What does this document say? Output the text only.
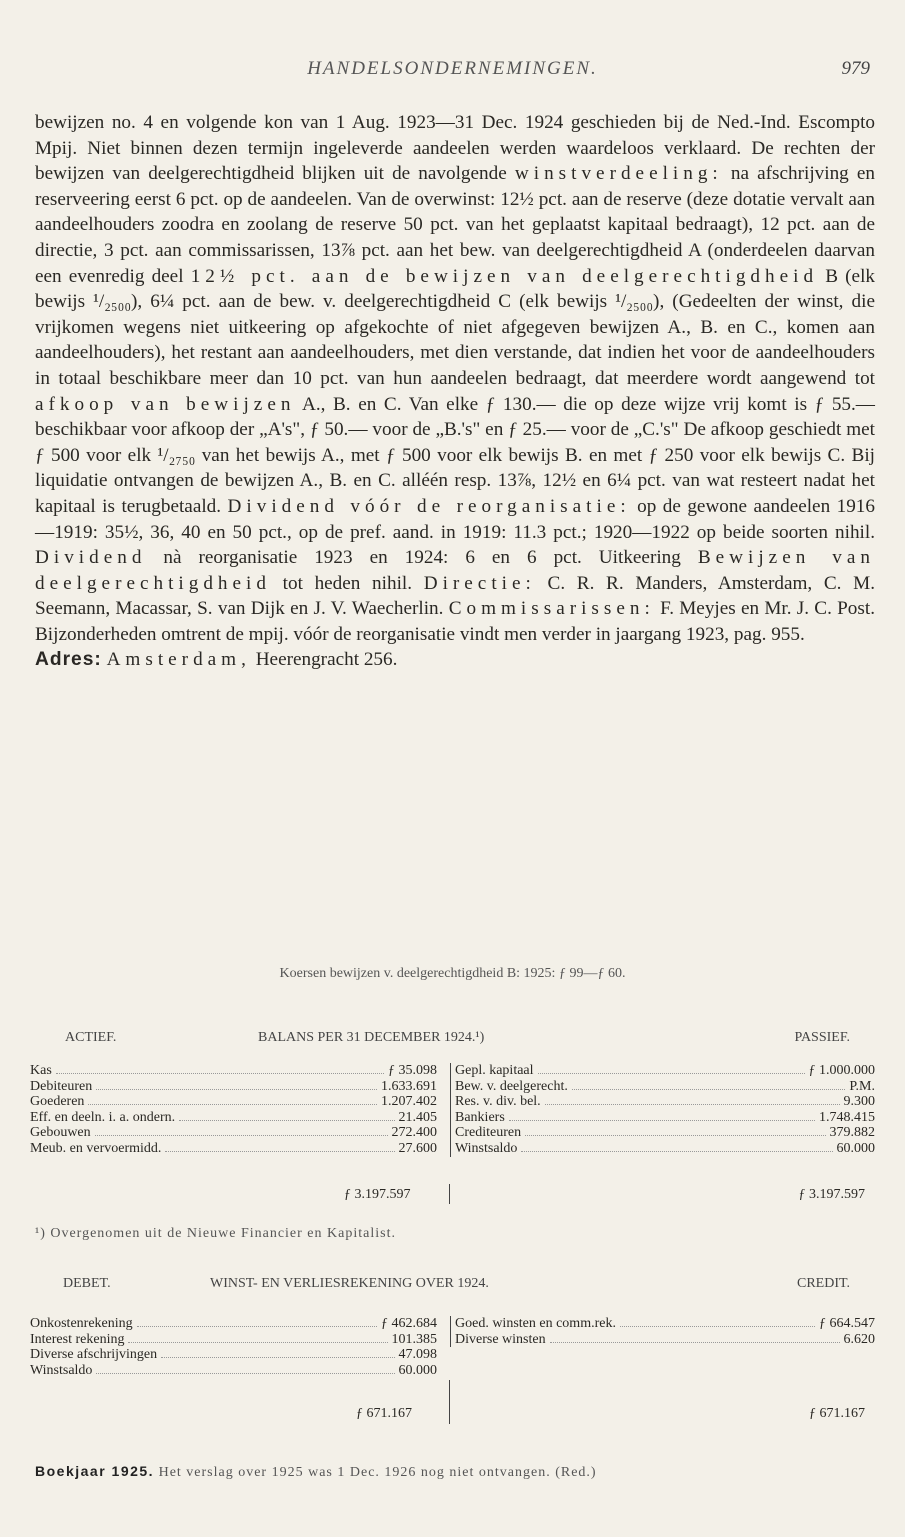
HANDELSONDERNEMINGEN.	979

bewijzen no. 4 en volgende kon van 1 Aug. 1923—31 Dec. 1924 geschieden bij de Ned.-Ind. Escompto Mpij. Niet binnen dezen termijn ingeleverde aandeelen werden waardeloos verklaard. De rechten der bewijzen van deelgerechtigdheid blijken uit de navolgende winstverdeeling: na afschrijving en reserveering eerst 6 pct. op de aandeelen. Van de overwinst: 12½ pct. aan de reserve (deze dotatie vervalt aan aandeelhouders zoodra en zoolang de reserve 50 pct. van het geplaatst kapitaal bedraagt), 12 pct. aan de directie, 3 pct. aan commissarissen, 13⅞ pct. aan het bew. van deelgerechtigdheid A (onderdeelen daarvan een evenredig deel 12½ pct. aan de bewijzen van deelgerechtigdheid B (elk bewijs ¹/₂₅₀₀), 6¼ pct. aan de bew. v. deelgerechtigdheid C (elk bewijs ¹/₂₅₀₀), (Gedeelten der winst, die vrijkomen wegens niet uitkeering op afgekochte of niet afgegeven bewijzen A., B. en C., komen aan aandeelhouders), het restant aan aandeelhouders, met dien verstande, dat indien het voor de aandeelhouders in totaal beschikbare meer dan 10 pct. van hun aandeelen bedraagt, dat meerdere wordt aangewend tot afkoop van bewijzen A., B. en C. Van elke ƒ 130.— die op deze wijze vrij komt is ƒ 55.— beschikbaar voor afkoop der „A's", ƒ 50.— voor de „B.'s" en ƒ 25.— voor de „C.'s" De afkoop geschiedt met ƒ 500 voor elk ¹/₂₇₅₀ van het bewijs A., met ƒ 500 voor elk bewijs B. en met ƒ 250 voor elk bewijs C. Bij liquidatie ontvangen de bewijzen A., B. en C. alléén resp. 13⅞, 12½ en 6¼ pct. van wat resteert nadat het kapitaal is terugbetaald. Dividend vóór de reorganisatie: op de gewone aandeelen 1916—1919: 35½, 36, 40 en 50 pct., op de pref. aand. in 1919: 11.3 pct.; 1920—1922 op beide soorten nihil. Dividend nà reorganisatie 1923 en 1924: 6 en 6 pct. Uitkeering Bewijzen van deelgerechtigdheid tot heden nihil. Directie: C. R. R. Manders, Amsterdam, C. M. Seemann, Macassar, S. van Dijk en J. V. Waecherlin. Commissarissen: F. Meyjes en Mr. J. C. Post. Bijzonderheden omtrent de mpij. vóór de reorganisatie vindt men verder in jaargang 1923, pag. 955.

Adres: Amsterdam, Heerengracht 256.

Koersen bewijzen v. deelgerechtigdheid B: 1925: ƒ 99—ƒ 60.
ACTIEF.	BALANS PER 31 DECEMBER 1924.¹)	PASSIEF.
Kas	ƒ 35.098
Debiteuren	1.633.691
Goederen	1.207.402
Eff. en deeln. i. a. ondern.	21.405
Gebouwen	272.400
Meub. en vervoermidd.	27.600
Gepl. kapitaal	ƒ 1.000.000
Bew. v. deelgerecht.	P.M.
Res. v. div. bel.	9.300
Bankiers	1.748.415
Crediteuren	379.882
Winstsaldo	60.000
ƒ 3.197.597	ƒ 3.197.597
¹) Overgenomen uit de Nieuwe Financier en Kapitalist.
DEBET.	WINST- EN VERLIESREKENING OVER 1924.	CREDIT.
Onkostenrekening	ƒ 462.684
Interest rekening	101.385
Diverse afschrijvingen	47.098
Winstsaldo	60.000
Goed. winsten en comm.rek.	ƒ 664.547
Diverse winsten	6.620
ƒ 671.167	ƒ 671.167
Boekjaar 1925. Het verslag over 1925 was 1 Dec. 1926 nog niet ontvangen. (Red.)
